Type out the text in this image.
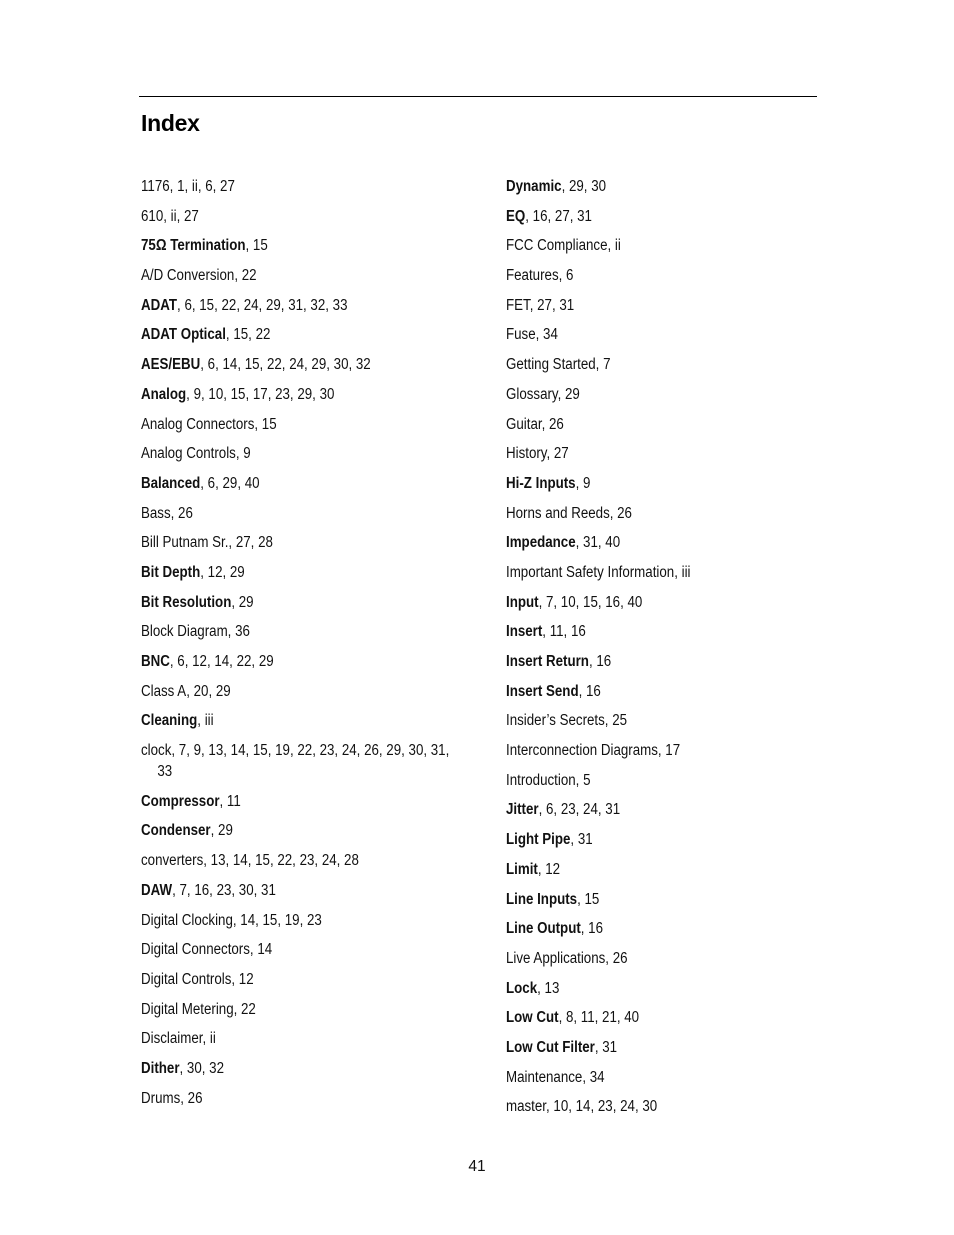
Index
1176, 1, ii, 6, 27
610, ii, 27
75Ω Termination, 15
A/D Conversion, 22
ADAT, 6, 15, 22, 24, 29, 31, 32, 33
ADAT Optical, 15, 22
AES/EBU, 6, 14, 15, 22, 24, 29, 30, 32
Analog, 9, 10, 15, 17, 23, 29, 30
Analog Connectors, 15
Analog Controls, 9
Balanced, 6, 29, 40
Bass, 26
Bill Putnam Sr., 27, 28
Bit Depth, 12, 29
Bit Resolution, 29
Block Diagram, 36
BNC, 6, 12, 14, 22, 29
Class A, 20, 29
Cleaning, iii
clock, 7, 9, 13, 14, 15, 19, 22, 23, 24, 26, 29, 30, 31, 33
Compressor, 11
Condenser, 29
converters, 13, 14, 15, 22, 23, 24, 28
DAW, 7, 16, 23, 30, 31
Digital Clocking, 14, 15, 19, 23
Digital Connectors, 14
Digital Controls, 12
Digital Metering, 22
Disclaimer, ii
Dither, 30, 32
Drums, 26
Dynamic, 29, 30
EQ, 16, 27, 31
FCC Compliance, ii
Features, 6
FET, 27, 31
Fuse, 34
Getting Started, 7
Glossary, 29
Guitar, 26
History, 27
Hi-Z Inputs, 9
Horns and Reeds, 26
Impedance, 31, 40
Important Safety Information, iii
Input, 7, 10, 15, 16, 40
Insert, 11, 16
Insert Return, 16
Insert Send, 16
Insider’s Secrets, 25
Interconnection Diagrams, 17
Introduction, 5
Jitter, 6, 23, 24, 31
Light Pipe, 31
Limit, 12
Line Inputs, 15
Line Output, 16
Live Applications, 26
Lock, 13
Low Cut, 8, 11, 21, 40
Low Cut Filter, 31
Maintenance, 34
master, 10, 14, 23, 24, 30
41
